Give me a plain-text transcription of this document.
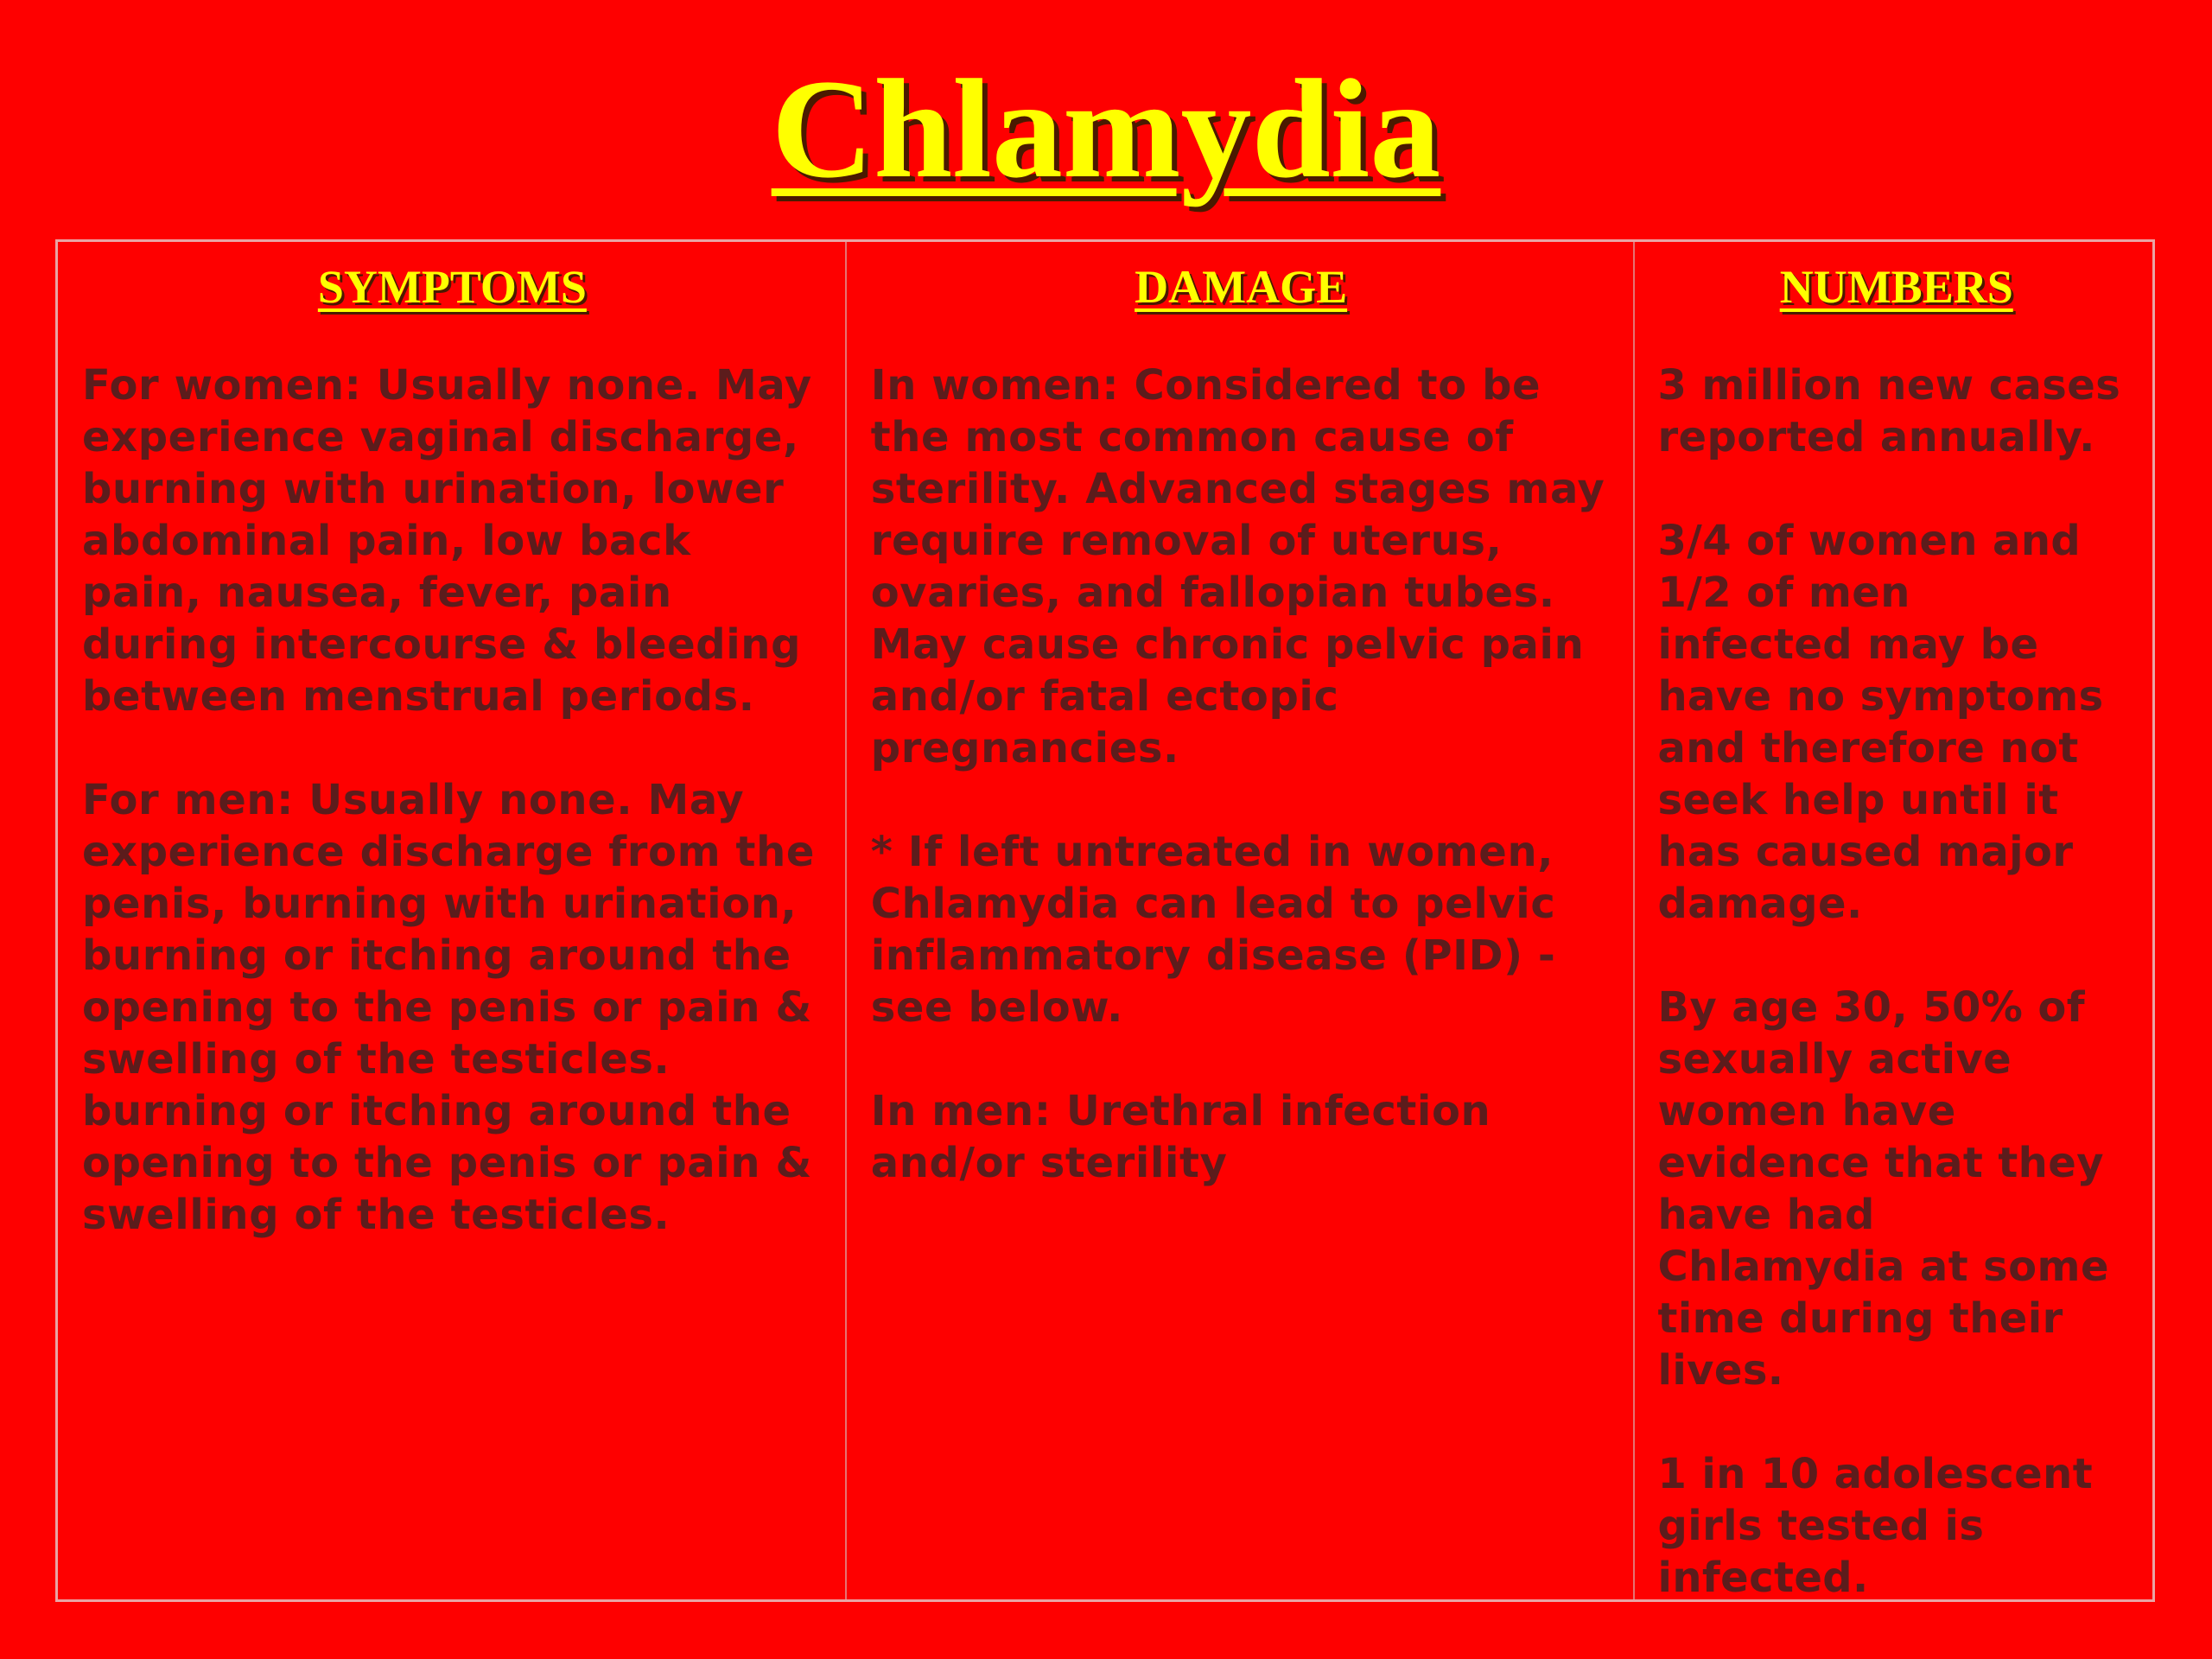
Chlamydia
SYMPTOMS

For women: Usually none. May

experience vaginal discharge,

burning with urination, lower

abdominal pain, low back

pain, nausea, fever, pain

during intercourse & bleeding

between menstrual periods.

For men: Usually none. May

experience discharge from the

penis, burning with urination,

burning or itching around the

opening to the penis or pain &

swelling of the testicles.

burning or itching around the

opening to the penis or pain &

swelling of the testicles.

DAMAGE

In women: Considered to be

the most common cause of

sterility. Advanced stages may

require removal of uterus,

ovaries, and fallopian tubes.

May cause chronic pelvic pain

and/or fatal ectopic

pregnancies.

* If left untreated in women,

Chlamydia can lead to pelvic

inflammatory disease (PID) -

see below.

In men: Urethral infection

and/or sterility

NUMBERS

3 million new cases

reported annually.

3/4 of women and

1/2 of men

infected may be

have no symptoms

and therefore not

seek help until it

has caused major

damage.

By age 30, 50% of

sexually active

women have

evidence that they

have had

Chlamydia at some

time during their

lives.

1 in 10 adolescent

girls tested is

infected.
